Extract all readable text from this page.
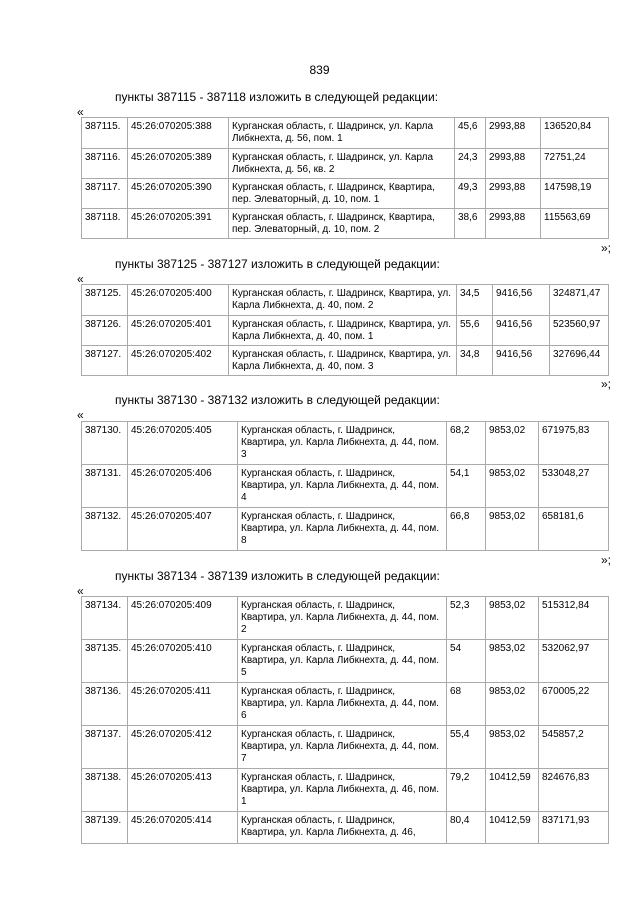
839
пункты 387115 - 387118 изложить в следующей редакции:
«
387115.	45:26:070205:388	Курганская область, г. Шадринск, ул. Карла Либкнехта, д. 56, пом. 1	45,6	2993,88	136520,84
387116.	45:26:070205:389	Курганская область, г. Шадринск, ул. Карла Либкнехта, д. 56, кв. 2	24,3	2993,88	72751,24
387117.	45:26:070205:390	Курганская область, г. Шадринск, Квартира, пер. Элеваторный, д. 10, пом. 1	49,3	2993,88	147598,19
387118.	45:26:070205:391	Курганская область, г. Шадринск, Квартира, пер. Элеваторный, д. 10, пом. 2	38,6	2993,88	115563,69
»;
пункты 387125 - 387127 изложить в следующей редакции:
«
387125.	45:26:070205:400	Курганская область, г. Шадринск, Квартира, ул. Карла Либкнехта, д. 40, пом. 2	34,5	9416,56	324871,47
387126.	45:26:070205:401	Курганская область, г. Шадринск, Квартира, ул. Карла Либкнехта, д. 40, пом. 1	55,6	9416,56	523560,97
387127.	45:26:070205:402	Курганская область, г. Шадринск, Квартира, ул. Карла Либкнехта, д. 40, пом. 3	34,8	9416,56	327696,44
»;
пункты 387130 - 387132 изложить в следующей редакции:
«
387130.	45:26:070205:405	Курганская область, г. Шадринск, Квартира, ул. Карла Либкнехта, д. 44, пом. 3	68,2	9853,02	671975,83
387131.	45:26:070205:406	Курганская область, г. Шадринск, Квартира, ул. Карла Либкнехта, д. 44, пом. 4	54,1	9853,02	533048,27
387132.	45:26:070205:407	Курганская область, г. Шадринск, Квартира, ул. Карла Либкнехта, д. 44, пом. 8	66,8	9853,02	658181,6
»;
пункты 387134 - 387139 изложить в следующей редакции:
«
387134.	45:26:070205:409	Курганская область, г. Шадринск, Квартира, ул. Карла Либкнехта, д. 44, пом. 2	52,3	9853,02	515312,84
387135.	45:26:070205:410	Курганская область, г. Шадринск, Квартира, ул. Карла Либкнехта, д. 44, пом. 5	54	9853,02	532062,97
387136.	45:26:070205:411	Курганская область, г. Шадринск, Квартира, ул. Карла Либкнехта, д. 44, пом. 6	68	9853,02	670005,22
387137.	45:26:070205:412	Курганская область, г. Шадринск, Квартира, ул. Карла Либкнехта, д. 44, пом. 7	55,4	9853,02	545857,2
387138.	45:26:070205:413	Курганская область, г. Шадринск, Квартира, ул. Карла Либкнехта, д. 46, пом. 1	79,2	10412,59	824676,83
387139.	45:26:070205:414	Курганская область, г. Шадринск, Квартира, ул. Карла Либкнехта, д. 46,	80,4	10412,59	837171,93
